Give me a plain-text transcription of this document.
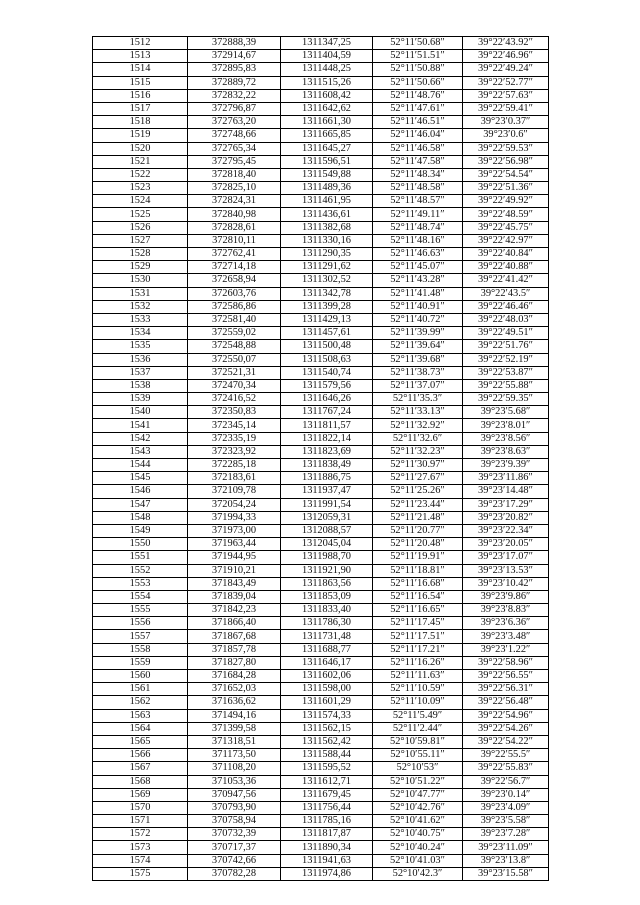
1512	372888,39	1311347,25	52°11′50.68″	39°22′43.92″
1513	372914,67	1311404,59	52°11′51.51″	39°22′46.96″
1514	372895,83	1311448,25	52°11′50.88″	39°22′49.24″
1515	372889,72	1311515,26	52°11′50.66″	39°22′52.77″
1516	372832,22	1311608,42	52°11′48.76″	39°22′57.63″
1517	372796,87	1311642,62	52°11′47.61″	39°22′59.41″
1518	372763,20	1311661,30	52°11′46.51″	39°23′0.37″
1519	372748,66	1311665,85	52°11′46.04″	39°23′0.6″
1520	372765,34	1311645,27	52°11′46.58″	39°22′59.53″
1521	372795,45	1311596,51	52°11′47.58″	39°22′56.98″
1522	372818,40	1311549,88	52°11′48.34″	39°22′54.54″
1523	372825,10	1311489,36	52°11′48.58″	39°22′51.36″
1524	372824,31	1311461,95	52°11′48.57″	39°22′49.92″
1525	372840,98	1311436,61	52°11′49.11″	39°22′48.59″
1526	372828,61	1311382,68	52°11′48.74″	39°22′45.75″
1527	372810,11	1311330,16	52°11′48.16″	39°22′42.97″
1528	372762,41	1311290,35	52°11′46.63″	39°22′40.84″
1529	372714,18	1311291,62	52°11′45.07″	39°22′40.88″
1530	372658,94	1311302,52	52°11′43.28″	39°22′41.42″
1531	372603,76	1311342,78	52°11′41.48″	39°22′43.5″
1532	372586,86	1311399,28	52°11′40.91″	39°22′46.46″
1533	372581,40	1311429,13	52°11′40.72″	39°22′48.03″
1534	372559,02	1311457,61	52°11′39.99″	39°22′49.51″
1535	372548,88	1311500,48	52°11′39.64″	39°22′51.76″
1536	372550,07	1311508,63	52°11′39.68″	39°22′52.19″
1537	372521,31	1311540,74	52°11′38.73″	39°22′53.87″
1538	372470,34	1311579,56	52°11′37.07″	39°22′55.88″
1539	372416,52	1311646,26	52°11′35.3″	39°22′59.35″
1540	372350,83	1311767,24	52°11′33.13″	39°23′5.68″
1541	372345,14	1311811,57	52°11′32.92″	39°23′8.01″
1542	372335,19	1311822,14	52°11′32.6″	39°23′8.56″
1543	372323,92	1311823,69	52°11′32.23″	39°23′8.63″
1544	372285,18	1311838,49	52°11′30.97″	39°23′9.39″
1545	372183,61	1311886,75	52°11′27.67″	39°23′11.86″
1546	372109,78	1311937,47	52°11′25.26″	39°23′14.48″
1547	372054,24	1311991,54	52°11′23.44″	39°23′17.29″
1548	371994,33	1312059,31	52°11′21.48″	39°23′20.82″
1549	371973,00	1312088,57	52°11′20.77″	39°23′22.34″
1550	371963,44	1312045,04	52°11′20.48″	39°23′20.05″
1551	371944,95	1311988,70	52°11′19.91″	39°23′17.07″
1552	371910,21	1311921,90	52°11′18.81″	39°23′13.53″
1553	371843,49	1311863,56	52°11′16.68″	39°23′10.42″
1554	371839,04	1311853,09	52°11′16.54″	39°23′9.86″
1555	371842,23	1311833,40	52°11′16.65″	39°23′8.83″
1556	371866,40	1311786,30	52°11′17.45″	39°23′6.36″
1557	371867,68	1311731,48	52°11′17.51″	39°23′3.48″
1558	371857,78	1311688,77	52°11′17.21″	39°23′1.22″
1559	371827,80	1311646,17	52°11′16.26″	39°22′58.96″
1560	371684,28	1311602,06	52°11′11.63″	39°22′56.55″
1561	371652,03	1311598,00	52°11′10.59″	39°22′56.31″
1562	371636,62	1311601,29	52°11′10.09″	39°22′56.48″
1563	371494,16	1311574,33	52°11′5.49″	39°22′54.96″
1564	371399,58	1311562,15	52°11′2.44″	39°22′54.26″
1565	371318,51	1311562,42	52°10′59.81″	39°22′54.22″
1566	371173,50	1311588,44	52°10′55.11″	39°22′55.5″
1567	371108,20	1311595,52	52°10′53″	39°22′55.83″
1568	371053,36	1311612,71	52°10′51.22″	39°22′56.7″
1569	370947,56	1311679,45	52°10′47.77″	39°23′0.14″
1570	370793,90	1311756,44	52°10′42.76″	39°23′4.09″
1571	370758,94	1311785,16	52°10′41.62″	39°23′5.58″
1572	370732,39	1311817,87	52°10′40.75″	39°23′7.28″
1573	370717,37	1311890,34	52°10′40.24″	39°23′11.09″
1574	370742,66	1311941,63	52°10′41.03″	39°23′13.8″
1575	370782,28	1311974,86	52°10′42.3″	39°23′15.58″
